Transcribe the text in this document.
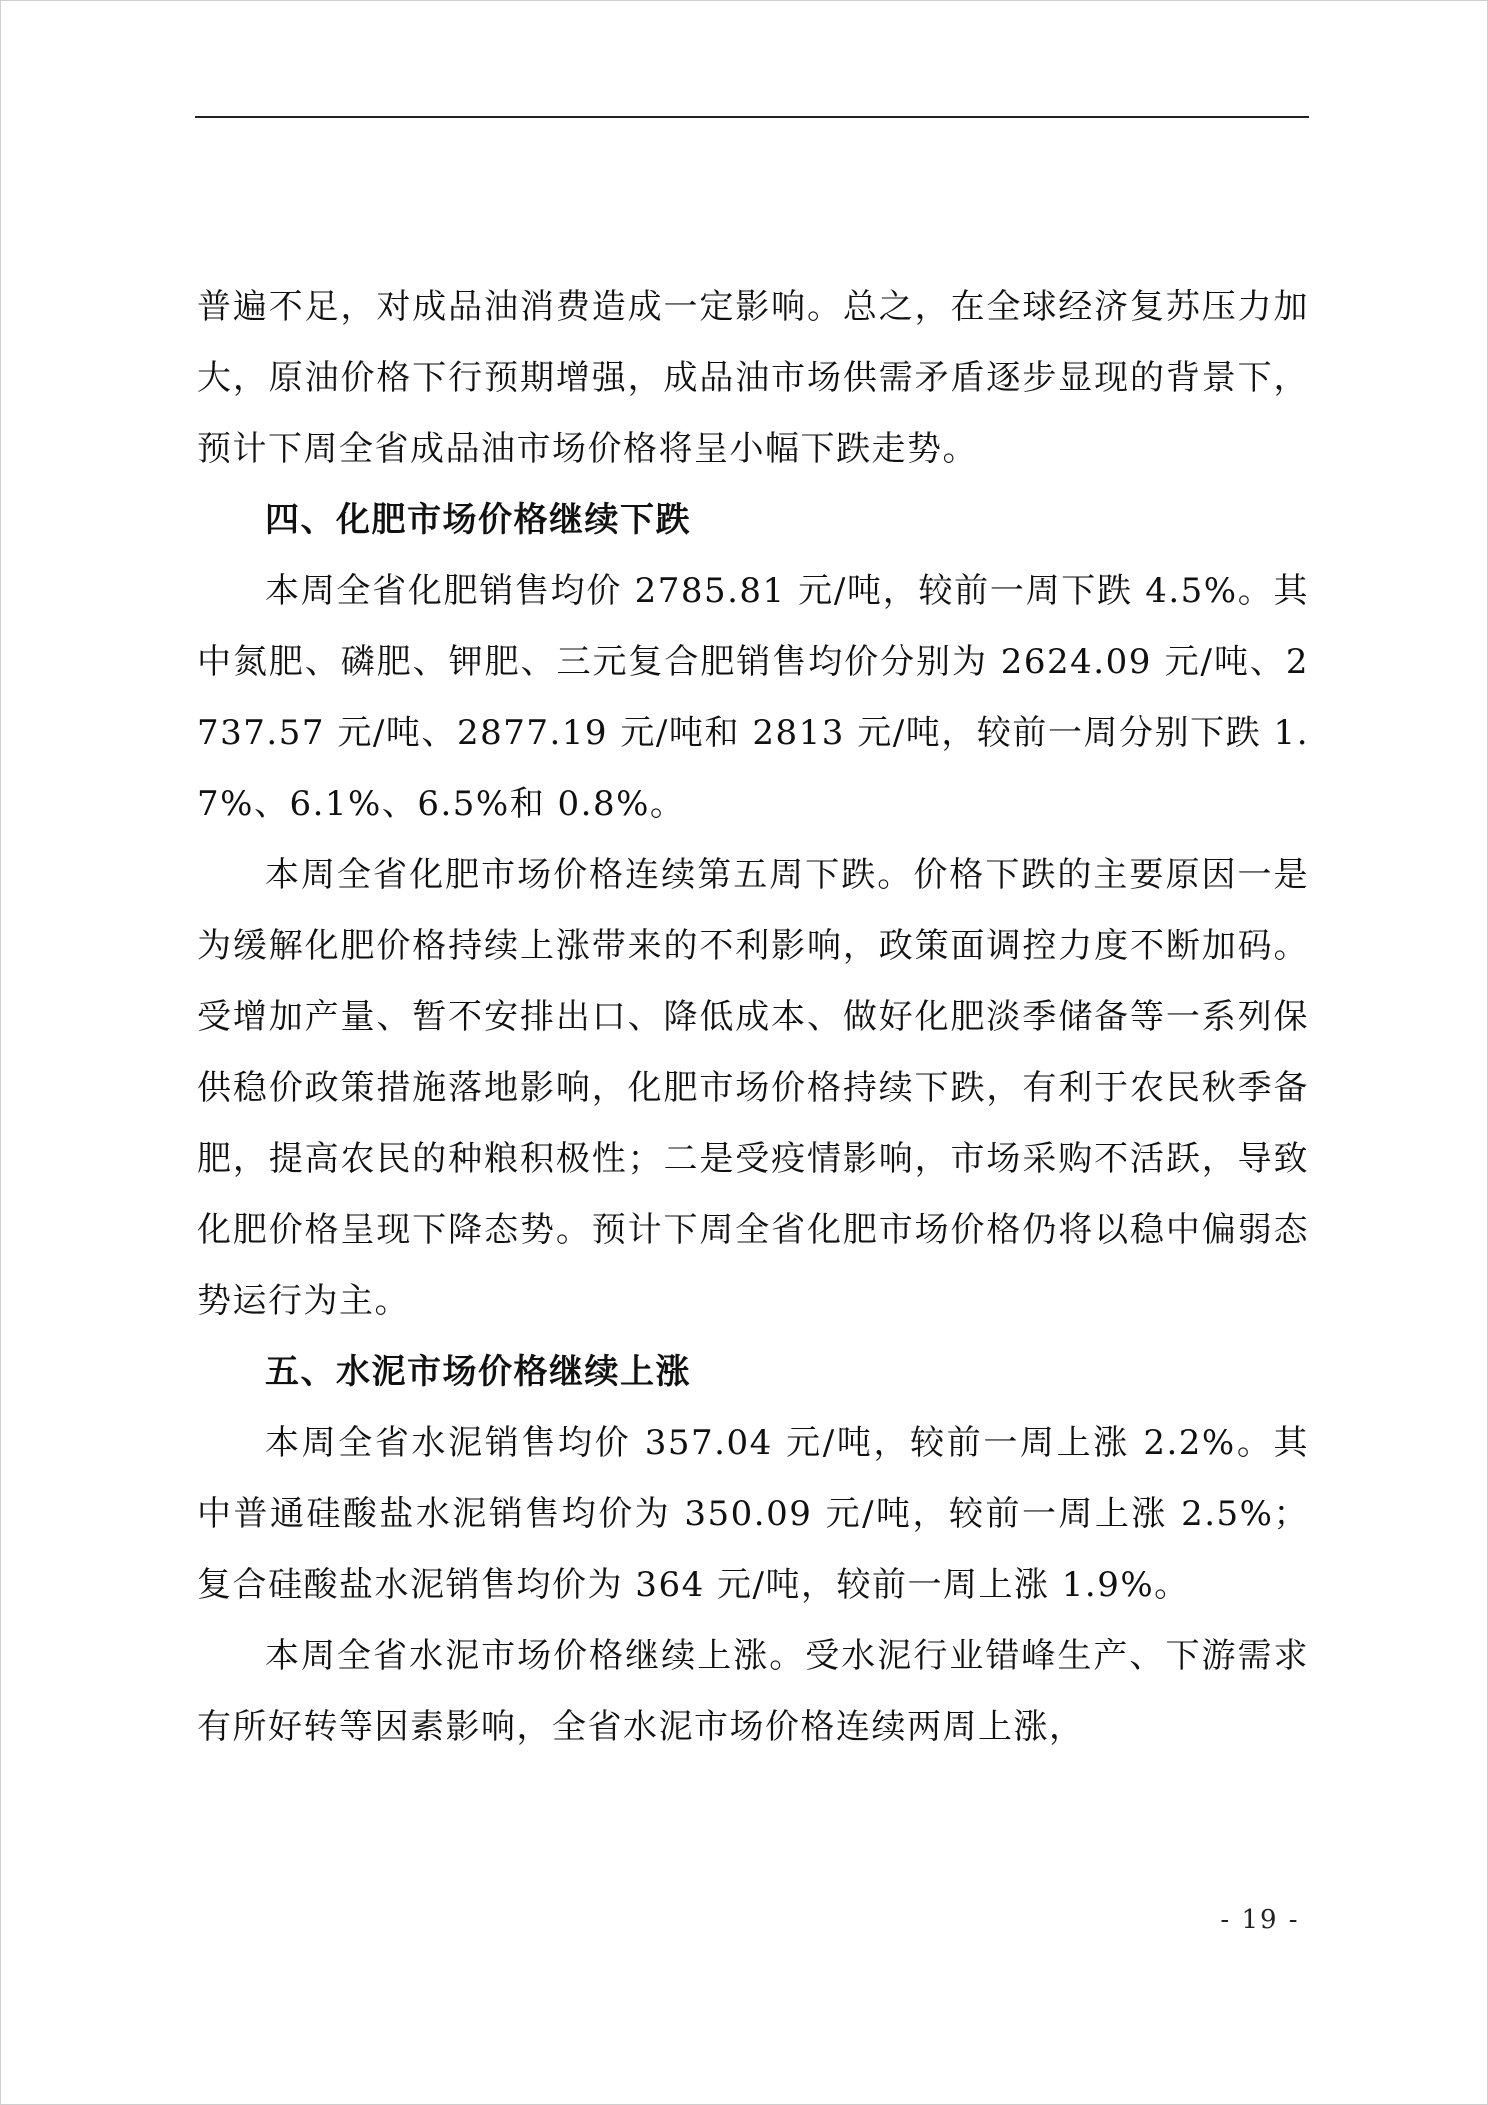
普遍不足，对成品油消费造成一定影响。总之，在全球经济复苏压力加大，原油价格下行预期增强，成品油市场供需矛盾逐步显现的背景下，预计下周全省成品油市场价格将呈小幅下跌走势。

四、化肥市场价格继续下跌

本周全省化肥销售均价 2785.81 元/吨，较前一周下跌 4.5%。其中氮肥、磷肥、钾肥、三元复合肥销售均价分别为 2624.09 元/吨、2737.57 元/吨、2877.19 元/吨和 2813 元/吨，较前一周分别下跌 1.7%、6.1%、6.5%和 0.8%。

本周全省化肥市场价格连续第五周下跌。价格下跌的主要原因一是为缓解化肥价格持续上涨带来的不利影响，政策面调控力度不断加码。受增加产量、暂不安排出口、降低成本、做好化肥淡季储备等一系列保供稳价政策措施落地影响，化肥市场价格持续下跌，有利于农民秋季备肥，提高农民的种粮积极性；二是受疫情影响，市场采购不活跃，导致化肥价格呈现下降态势。预计下周全省化肥市场价格仍将以稳中偏弱态势运行为主。

五、水泥市场价格继续上涨

本周全省水泥销售均价 357.04 元/吨，较前一周上涨 2.2%。其中普通硅酸盐水泥销售均价为 350.09 元/吨，较前一周上涨 2.5%；复合硅酸盐水泥销售均价为 364 元/吨，较前一周上涨 1.9%。

本周全省水泥市场价格继续上涨。受水泥行业错峰生产、下游需求有所好转等因素影响，全省水泥市场价格连续两周上涨，

- 19 -
